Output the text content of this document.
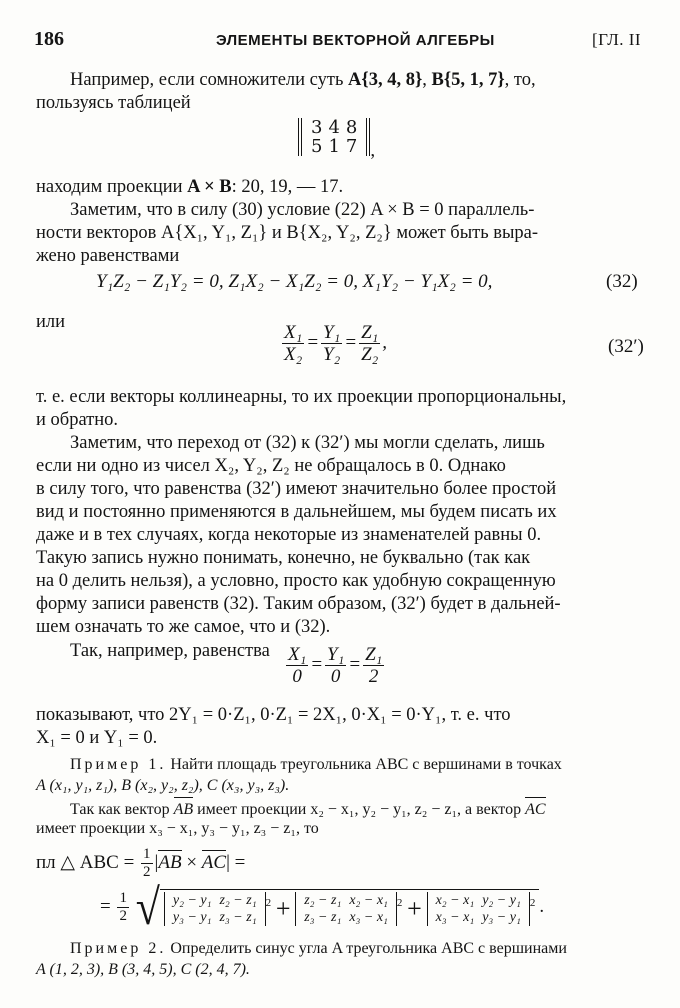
186	ЭЛЕМЕНТЫ ВЕКТОРНОЙ АЛГЕБРЫ	[ГЛ. II
Например, если сомножители суть A{3, 4, 8}, B{5, 1, 7}, то,
пользуясь таблицей
3	4	8
5	1	7 ,
находим проекции A × B: 20, 19, — 17.
Заметим, что в силу (30) условие (22) A × B = 0 параллель-
ности векторов A{X₁, Y₁, Z₁} и B{X₂, Y₂, Z₂} может быть выра-
жено равенствами
Y₁Z₂ − Z₁Y₂ = 0, Z₁X₂ − X₁Z₂ = 0, X₁Y₂ − Y₁X₂ = 0,	(32)
или	$\frac{\text{X₁}}{\text{X₂}} = \frac{\text{Y₁}}{\text{Y₂}} = \frac{\text{Z₁}}{\text{Z₂}}$ ,	(32′)
т. е. если векторы коллинеарны, то их проекции пропорциональны,
и обратно.
Заметим, что переход от (32) к (32′) мы могли сделать, лишь
если ни одно из чисел X₂, Y₂, Z₂ не обращалось в 0. Однако
в силу того, что равенства (32′) имеют значительно более простой
вид и постоянно применяются в дальнейшем, мы будем писать их
даже и в тех случаях, когда некоторые из знаменателей равны 0.
Такую запись нужно понимать, конечно, не буквально (так как
на 0 делить нельзя), а условно, просто как удобную сокращенную
форму записи равенств (32). Таким образом, (32′) будет в дальней-
шем означать то же самое, что и (32).
Так, например, равенства $\frac{\text{X₁}}{0} = \frac{\text{Y₁}}{0} = \frac{\text{Z₁}}{2}$
показывают, что 2Y₁ = 0·Z₁, 0·Z₁ = 2X₁, 0·X₁ = 0·Y₁, т. е. что
X₁ = 0 и Y₁ = 0.
Пример 1. Найти площадь треугольника ABC с вершинами в точках
A (x₁, y₁, z₁), B (x₂, y₂, z₂), C (x₃, y₃, z₃).
Так как вектор AB имеет проекции x₂ − x₁, y₂ − y₁, z₂ − z₁, а вектор AC
имеет проекции x₃ − x₁, y₃ − y₁, z₃ − z₁, то
пл △ ABC = $\frac{1}{2} |AB \times AC|$ =
= $\frac{1}{2}$ √ y₂ − y₁	z₂ − z₁
y₃ − y₁	z₃ − z₁
$^2$ + z₂ − z₁	x₂ − x₁
z₃ − z₁	x₃ − x₁
$^2$ + x₂ − x₁	y₂ − y₁
x₃ − x₁	y₃ − y₁
$^2$ .
Пример 2. Определить синус угла A треугольника ABC с вершинами
A (1, 2, 3), B (3, 4, 5), C (2, 4, 7).
